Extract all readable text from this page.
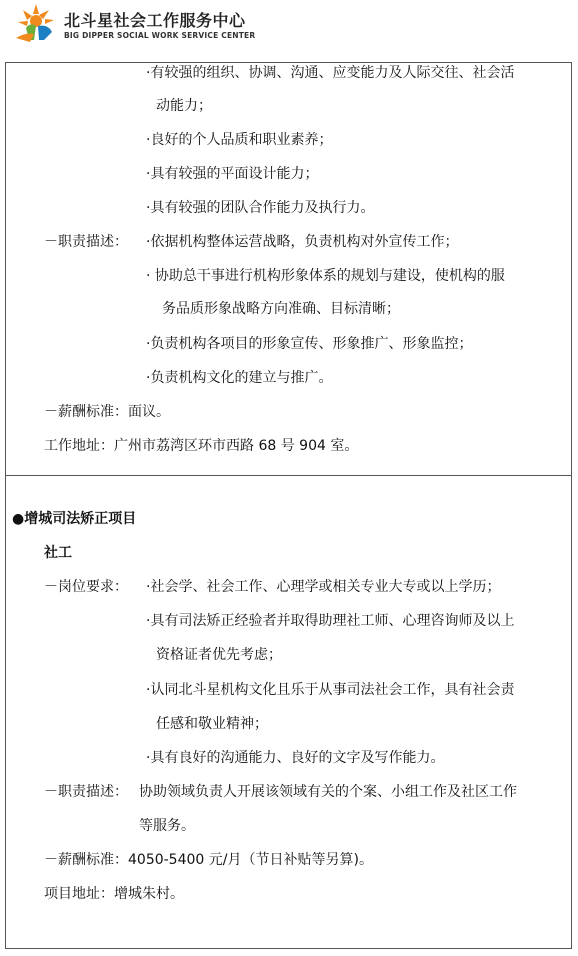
北斗星社会工作服务中心
BIG DIPPER SOCIAL WORK SERVICE CENTER
·有较强的组织、协调、沟通、应变能力及人际交往、社会活
动能力；
·良好的个人品质和职业素养；
·具有较强的平面设计能力；
·具有较强的团队合作能力及执行力。
－职责描述： ·依据机构整体运营战略，负责机构对外宣传工作；
· 协助总干事进行机构形象体系的规划与建设，使机构的服
务品质形象战略方向准确、目标清晰；
·负责机构各项目的形象宣传、形象推广、形象监控；
·负责机构文化的建立与推广。
－薪酬标准：面议。
工作地址：广州市荔湾区环市西路 68 号 904 室。
●增城司法矫正项目
社工
－岗位要求： ·社会学、社会工作、心理学或相关专业大专或以上学历；
·具有司法矫正经验者并取得助理社工师、心理咨询师及以上
资格证者优先考虑；
·认同北斗星机构文化且乐于从事司法社会工作，具有社会责
任感和敬业精神；
·具有良好的沟通能力、良好的文字及写作能力。
－职责描述： 协助领域负责人开展该领域有关的个案、小组工作及社区工作
等服务。
－薪酬标准：4050-5400 元/月（节日补贴等另算)。
项目地址：增城朱村。
